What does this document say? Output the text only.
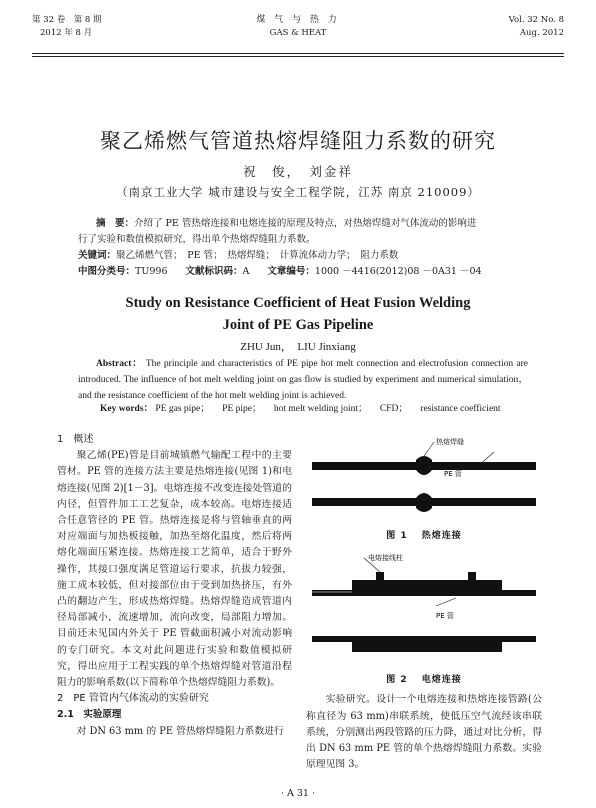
第 32 卷　第 8 期
2012 年 8 月
煤 气 与 热 力
GAS & HEAT
Vol. 32 No. 8
Aug. 2012
聚乙烯燃气管道热熔焊缝阻力系数的研究
祝　俊，　刘金祥
（南京工业大学 城市建设与安全工程学院，江苏 南京 210009）
摘　要：介绍了 PE 管热熔连接和电熔连接的原理及特点，对热熔焊缝对气体流动的影响进
行了实验和数值模拟研究，得出单个热熔焊缝阻力系数。
关键词：聚乙烯燃气管；　PE 管；　热熔焊缝；　计算流体动力学；　阻力系数
中图分类号：TU996 文献标识码：A 文章编号：1000 －4416(2012)08 －0A31 －04
Study on Resistance Coefficient of Heat Fusion Welding
Joint of PE Gas Pipeline
ZHU Jun，　LIU Jinxiang
Abstract： The principle and characteristics of PE pipe hot melt connection and electrofusion connection are introduced. The influence of hot melt welding joint on gas flow is studied by experiment and numerical simulation，and the resistance coefficient of the hot melt welding joint is achieved.
Key words： PE gas pipe； PE pipe； hot melt welding joint； CFD； resistance coefficient
1　概述

聚乙烯(PE)管是目前城镇燃气输配工程中的主要管材。PE 管的连接方法主要是热熔连接(见图 1)和电熔连接(见图 2)[1－3]。电熔连接不改变连接处管道的内径，但管件加工工艺复杂，成本较高。电熔连接适合任意管径的 PE 管。热熔连接是将与管轴垂直的两对应端面与加热板接触，加热至熔化温度，然后将两熔化端面压紧连接。热熔连接工艺简单，适合于野外操作，其接口强度满足管道运行要求，抗拔力较强，施工成本较低，但对接部位由于受到加热挤压，有外凸的翻边产生，形成热熔焊缝。热熔焊缝造成管道内径局部减小，流速增加，流向改变，局部阻力增加。目前还未见国内外关于 PE 管截面积减小对流动影响的专门研究。本文对此问题进行实验和数值模拟研究，得出应用于工程实践的单个热熔焊缝对管道沿程阻力的影响系数(以下简称单个热熔焊缝阻力系数)。

2　PE 管管内气体流动的实验研究
2.1　实验原理

对 DN 63 mm 的 PE 管热熔焊缝阻力系数进行

热熔焊缝
PE 管
图 1 热熔连接
电熔接线柱
PE 管
图 2 电熔连接

实验研究。设计一个电熔连接和热熔连接管路(公称直径为 63 mm)串联系统，使低压空气流经该串联系统，分别测出两段管路的压力降，通过对比分析，得出 DN 63 mm PE 管的单个热熔焊缝阻力系数。实验原理见图 3。

· A 31 ·
